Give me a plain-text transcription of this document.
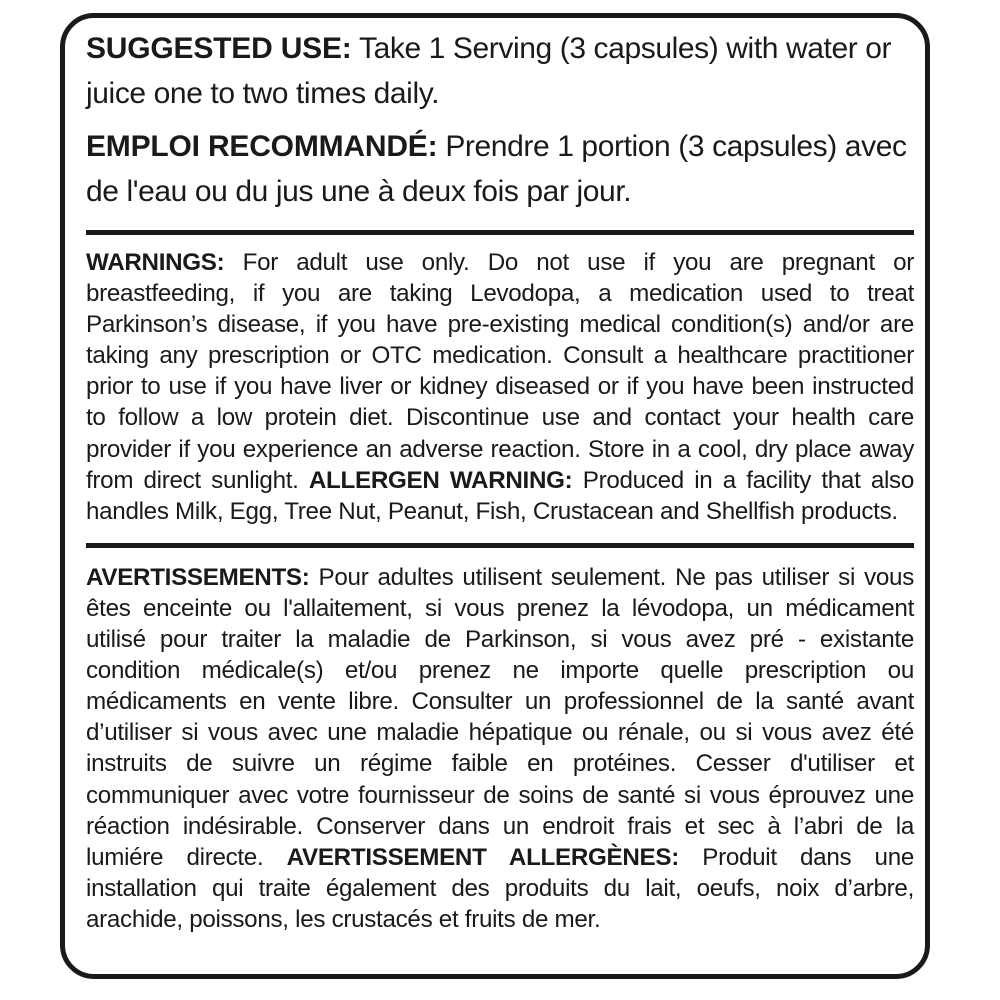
SUGGESTED USE: Take 1 Serving (3 capsules) with water or juice one to two times daily.

EMPLOI RECOMMANDÉ: Prendre 1 portion (3 capsules) avec de l'eau ou du jus une à deux fois par jour.

WARNINGS: For adult use only. Do not use if you are pregnant or breastfeeding, if you are taking Levodopa, a medication used to treat Parkinson’s disease, if you have pre-existing medical condition(s) and/or are taking any prescription or OTC medication. Consult a healthcare practitioner prior to use if you have liver or kidney diseased or if you have been instructed to follow a low protein diet. Discontinue use and contact your health care provider if you experience an adverse reaction. Store in a cool, dry place away from direct sunlight. ALLERGEN WARNING: Produced in a facility that also handles Milk, Egg, Tree Nut, Peanut, Fish, Crustacean and Shellfish products.

AVERTISSEMENTS: Pour adultes utilisent seulement. Ne pas utiliser si vous êtes enceinte ou l'allaitement, si vous prenez la lévodopa, un médicament utilisé pour traiter la maladie de Parkinson, si vous avez pré - existante condition médicale(s) et/ou prenez ne importe quelle prescription ou médicaments en vente libre. Consulter un professionnel de la santé avant d’utiliser si vous avec une maladie hépatique ou rénale, ou si vous avez été instruits de suivre un régime faible en protéines. Cesser d'utiliser et communiquer avec votre fournisseur de soins de santé si vous éprouvez une réaction indésirable. Conserver dans un endroit frais et sec à l’abri de la lumiére directe. AVERTISSEMENT ALLERGÈNES: Produit dans une installation qui traite également des produits du lait, oeufs, noix d’arbre, arachide, poissons, les crustacés et fruits de mer.
